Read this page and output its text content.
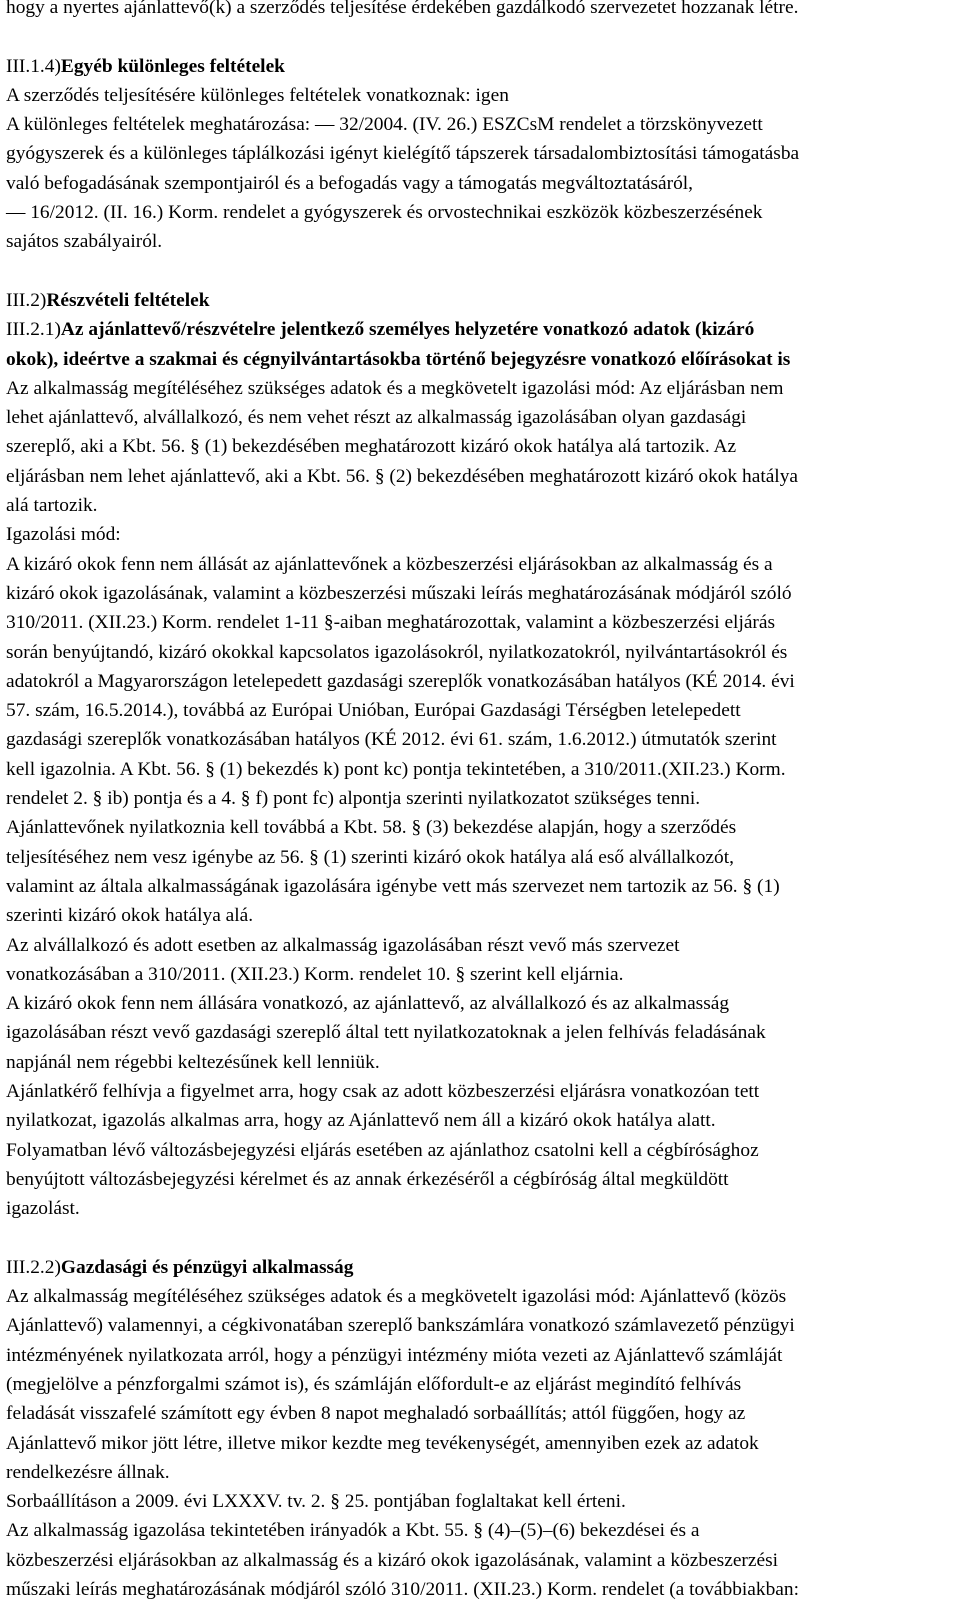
hogy a nyertes ajánlattevő(k) a szerződés teljesítése érdekében gazdálkodó szervezetet hozzanak létre.
III.1.4)Egyéb különleges feltételek
A szerződés teljesítésére különleges feltételek vonatkoznak: igen
A különleges feltételek meghatározása: — 32/2004. (IV. 26.) ESZCsM rendelet a törzskönyvezett
gyógyszerek és a különleges táplálkozási igényt kielégítő tápszerek társadalombiztosítási támogatásba
való befogadásának szempontjairól és a befogadás vagy a támogatás megváltoztatásáról,
— 16/2012. (II. 16.) Korm. rendelet a gyógyszerek és orvostechnikai eszközök közbeszerzésének
sajátos szabályairól.
III.2)Részvételi feltételek
III.2.1)Az ajánlattevő/részvételre jelentkező személyes helyzetére vonatkozó adatok (kizáró
okok), ideértve a szakmai és cégnyilvántartásokba történő bejegyzésre vonatkozó előírásokat is
Az alkalmasság megítéléséhez szükséges adatok és a megkövetelt igazolási mód: Az eljárásban nem
lehet ajánlattevő, alvállalkozó, és nem vehet részt az alkalmasság igazolásában olyan gazdasági
szereplő, aki a Kbt. 56. § (1) bekezdésében meghatározott kizáró okok hatálya alá tartozik. Az
eljárásban nem lehet ajánlattevő, aki a Kbt. 56. § (2) bekezdésében meghatározott kizáró okok hatálya
alá tartozik.
Igazolási mód:
A kizáró okok fenn nem állását az ajánlattevőnek a közbeszerzési eljárásokban az alkalmasság és a
kizáró okok igazolásának, valamint a közbeszerzési műszaki leírás meghatározásának módjáról szóló
310/2011. (XII.23.) Korm. rendelet 1-11 §-aiban meghatározottak, valamint a közbeszerzési eljárás
során benyújtandó, kizáró okokkal kapcsolatos igazolásokról, nyilatkozatokról, nyilvántartásokról és
adatokról a Magyarországon letelepedett gazdasági szereplők vonatkozásában hatályos (KÉ 2014. évi
57. szám, 16.5.2014.), továbbá az Európai Unióban, Európai Gazdasági Térségben letelepedett
gazdasági szereplők vonatkozásában hatályos (KÉ 2012. évi 61. szám, 1.6.2012.) útmutatók szerint
kell igazolnia. A Kbt. 56. § (1) bekezdés k) pont kc) pontja tekintetében, a 310/2011.(XII.23.) Korm.
rendelet 2. § ib) pontja és a 4. § f) pont fc) alpontja szerinti nyilatkozatot szükséges tenni.
Ajánlattevőnek nyilatkoznia kell továbbá a Kbt. 58. § (3) bekezdése alapján, hogy a szerződés
teljesítéséhez nem vesz igénybe az 56. § (1) szerinti kizáró okok hatálya alá eső alvállalkozót,
valamint az általa alkalmasságának igazolására igénybe vett más szervezet nem tartozik az 56. § (1)
szerinti kizáró okok hatálya alá.
Az alvállalkozó és adott esetben az alkalmasság igazolásában részt vevő más szervezet
vonatkozásában a 310/2011. (XII.23.) Korm. rendelet 10. § szerint kell eljárnia.
A kizáró okok fenn nem állására vonatkozó, az ajánlattevő, az alvállalkozó és az alkalmasság
igazolásában részt vevő gazdasági szereplő által tett nyilatkozatoknak a jelen felhívás feladásának
napjánál nem régebbi keltezésűnek kell lenniük.
Ajánlatkérő felhívja a figyelmet arra, hogy csak az adott közbeszerzési eljárásra vonatkozóan tett
nyilatkozat, igazolás alkalmas arra, hogy az Ajánlattevő nem áll a kizáró okok hatálya alatt.
Folyamatban lévő változásbejegyzési eljárás esetében az ajánlathoz csatolni kell a cégbírósághoz
benyújtott változásbejegyzési kérelmet és az annak érkezéséről a cégbíróság által megküldött
igazolást.
III.2.2)Gazdasági és pénzügyi alkalmasság
Az alkalmasság megítéléséhez szükséges adatok és a megkövetelt igazolási mód: Ajánlattevő (közös
Ajánlattevő) valamennyi, a cégkivonatában szereplő bankszámlára vonatkozó számlavezető pénzügyi
intézményének nyilatkozata arról, hogy a pénzügyi intézmény mióta vezeti az Ajánlattevő számláját
(megjelölve a pénzforgalmi számot is), és számláján előfordult-e az eljárást megindító felhívás
feladását visszafelé számított egy évben 8 napot meghaladó sorbaállítás; attól függően, hogy az
Ajánlattevő mikor jött létre, illetve mikor kezdte meg tevékenységét, amennyiben ezek az adatok
rendelkezésre állnak.
Sorbaállításon a 2009. évi LXXXV. tv. 2. § 25. pontjában foglaltakat kell érteni.
Az alkalmasság igazolása tekintetében irányadók a Kbt. 55. § (4)–(5)–(6) bekezdései és a
közbeszerzési eljárásokban az alkalmasság és a kizáró okok igazolásának, valamint a közbeszerzési
műszaki leírás meghatározásának módjáról szóló 310/2011. (XII.23.) Korm. rendelet (a továbbiakban:
